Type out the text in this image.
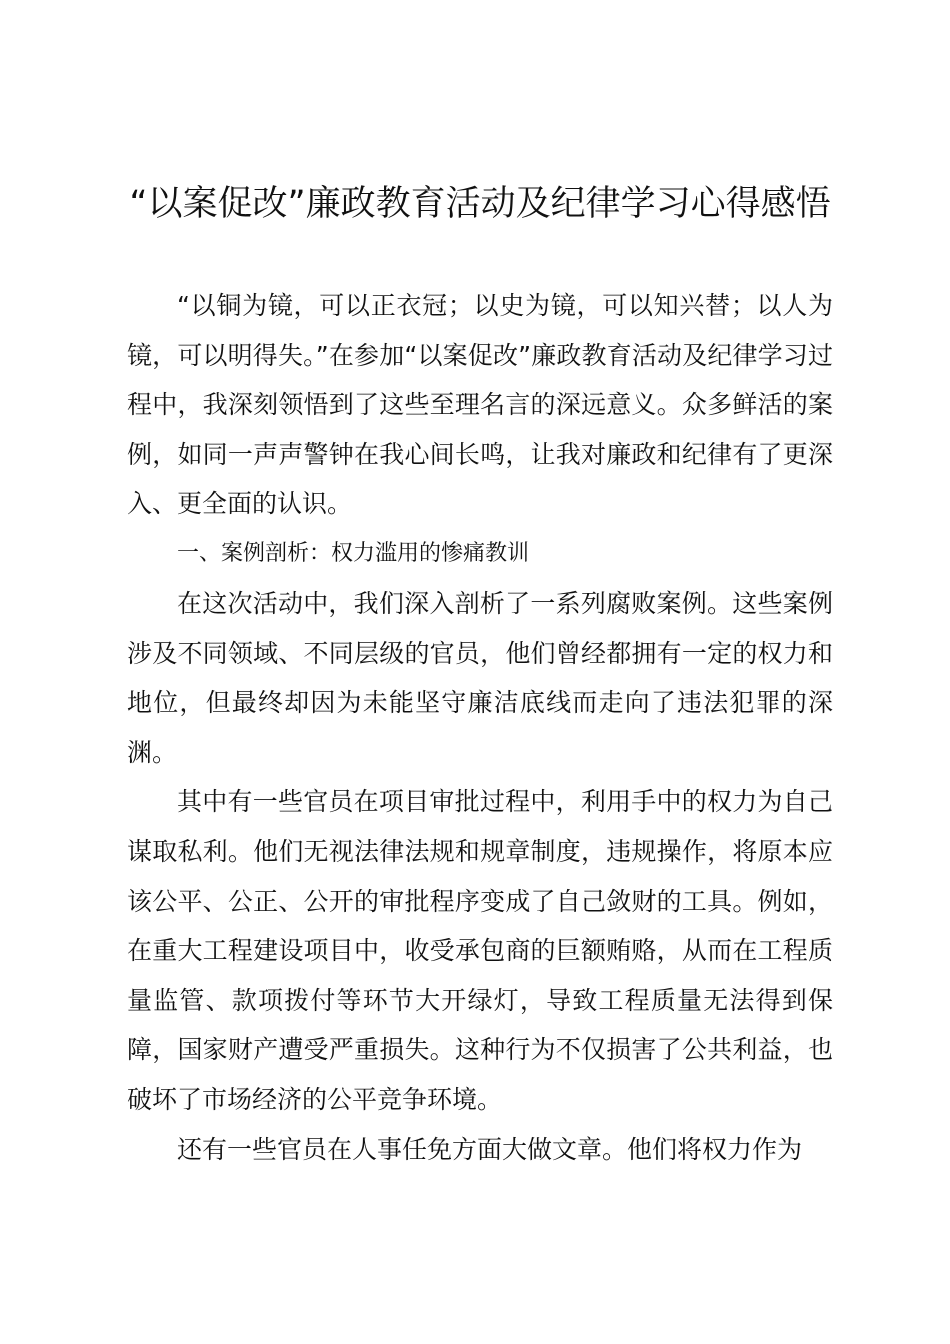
“以案促改”廉政教育活动及纪律学习心得感悟

“以铜为镜，可以正衣冠；以史为镜，可以知兴替；以人为镜，可以明得失。”在参加“以案促改”廉政教育活动及纪律学习过程中，我深刻领悟到了这些至理名言的深远意义。众多鲜活的案例，如同一声声警钟在我心间长鸣，让我对廉政和纪律有了更深入、更全面的认识。

一、案例剖析：权力滥用的惨痛教训

在这次活动中，我们深入剖析了一系列腐败案例。这些案例涉及不同领域、不同层级的官员，他们曾经都拥有一定的权力和地位，但最终却因为未能坚守廉洁底线而走向了违法犯罪的深渊。

其中有一些官员在项目审批过程中，利用手中的权力为自己谋取私利。他们无视法律法规和规章制度，违规操作，将原本应该公平、公正、公开的审批程序变成了自己敛财的工具。例如，在重大工程建设项目中，收受承包商的巨额贿赂，从而在工程质量监管、款项拨付等环节大开绿灯，导致工程质量无法得到保障，国家财产遭受严重损失。这种行为不仅损害了公共利益，也破坏了市场经济的公平竞争环境。

还有一些官员在人事任免方面大做文章。他们将权力作为
